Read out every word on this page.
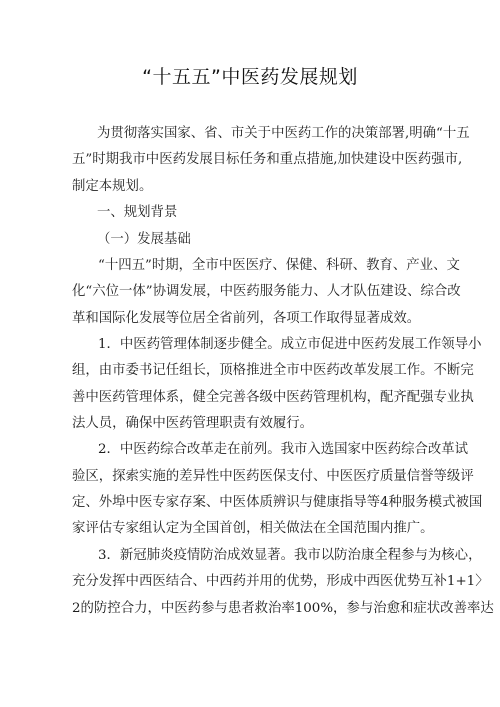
“十五五”中医药发展规划
为贯彻落实国家、省、市关于中医药工作的决策部署,明确“十五
五”时期我市中医药发展目标任务和重点措施,加快建设中医药强市,
制定本规划。
一、规划背景
（一）发展基础
“十四五”时期，全市中医医疗、保健、科研、教育、产业、文
化“六位一体”协调发展，中医药服务能力、人才队伍建设、综合改
革和国际化发展等位居全省前列，各项工作取得显著成效。
1．中医药管理体制逐步健全。成立市促进中医药发展工作领导小
组，由市委书记任组长，顶格推进全市中医药改革发展工作。不断完
善中医药管理体系，健全完善各级中医药管理机构，配齐配强专业执
法人员，确保中医药管理职责有效履行。
2．中医药综合改革走在前列。我市入选国家中医药综合改革试
验区，探索实施的差异性中医药医保支付、中医医疗质量信誉等级评
定、外埠中医专家存案、中医体质辨识与健康指导等4种服务模式被国
家评估专家组认定为全国首创，相关做法在全国范围内推广。
3．新冠肺炎疫情防治成效显著。我市以防治康全程参与为核心，
充分发挥中西医结合、中西药并用的优势，形成中西医优势互补1+1〉
2的防控合力，中医药参与患者救治率100%，参与治愈和症状改善率达
